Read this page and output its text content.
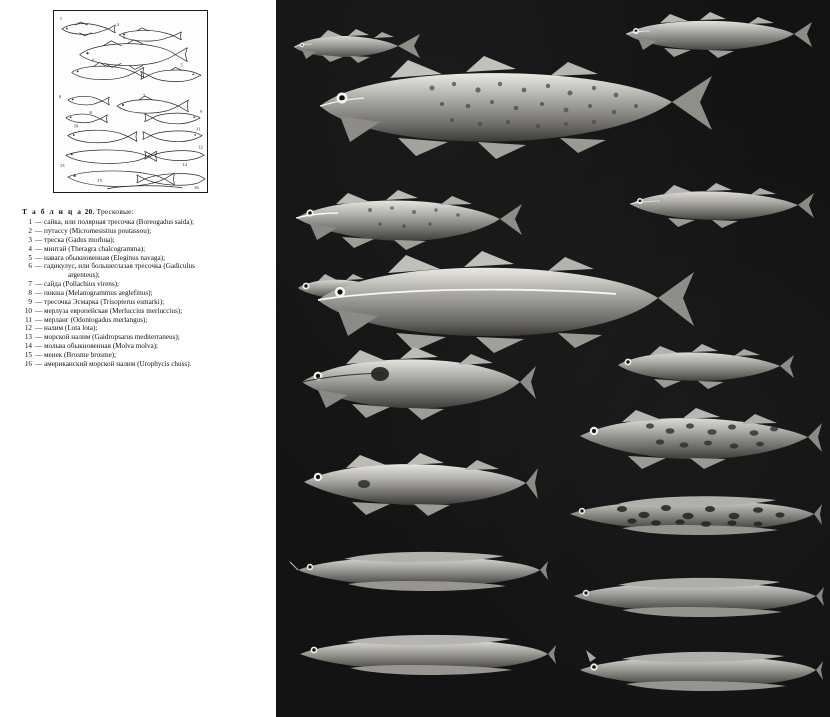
1
2
3
4
5
6	7
8	9
10
11
12
13	14
15
16
Т а б л и ц а 20. Тресковые:
1 — сайка, или полярная тресочка (Boreogadus saida);
2 — путассу (Micromesistius poutassou);
3 — треска (Gadus morhua);
4 — минтай (Theragra chalcogramma);
5 — навага обыкновенная (Eleginus navaga);
6 — гадикулус, или большеглазая тресочка (Gadiculus
argenteus);
7 — сайда (Pollachius virens);
8 — пикша (Melanogrammus aeglefinus);
9 — тресочка Эсмарка (Trisopterus esmarki);
10 — мерлуза европейская (Merluccius merluccius);
11 — мерланг (Odontogadus merlangus);
12 — налим (Lota lota);
13 — морской налим (Gaidropsarus mediterraneus);
14 — мольва обыкновенная (Molva molva);
15 — менек (Brosme brosme);
16 — американский морской налим (Urophycis chuss).
